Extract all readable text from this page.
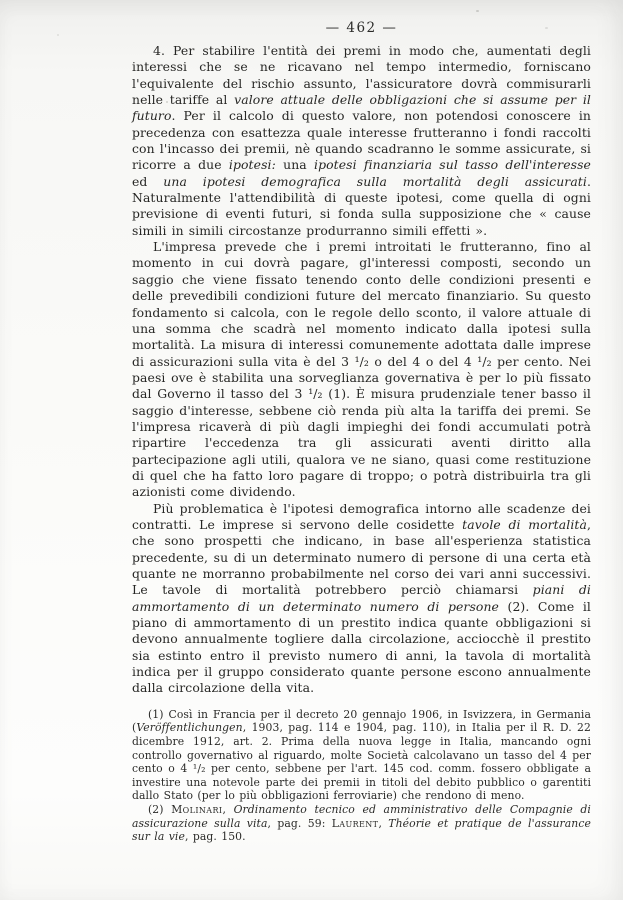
— 462 —

4. Per stabilire l'entità dei premi in modo che, aumentati degli interessi che se ne ricavano nel tempo intermedio, forniscano l'equivalente del rischio assunto, l'assicuratore dovrà commisurarli nelle tariffe al valore attuale delle obbligazioni che si assume per il futuro. Per il calcolo di questo valore, non potendosi conoscere in precedenza con esattezza quale interesse frutteranno i fondi raccolti con l'incasso dei premii, nè quando scadranno le somme assicurate, si ricorre a due ipotesi: una ipotesi finanziaria sul tasso dell'interesse ed una ipotesi demografica sulla mortalità degli assicurati. Naturalmente l'attendibilità di queste ipotesi, come quella di ogni previsione di eventi futuri, si fonda sulla supposizione che « cause simili in simili circostanze produrranno simili effetti ».

L'impresa prevede che i premi introitati le frutteranno, fino al momento in cui dovrà pagare, gl'interessi composti, secondo un saggio che viene fissato tenendo conto delle condizioni presenti e delle prevedibili condizioni future del mercato finanziario. Su questo fondamento si calcola, con le regole dello sconto, il valore attuale di una somma che scadrà nel momento indicato dalla ipotesi sulla mortalità. La misura di interessi comunemente adottata dalle imprese di assicurazioni sulla vita è del 3 ¹/₂ o del 4 o del 4 ¹/₂ per cento. Nei paesi ove è stabilita una sorveglianza governativa è per lo più fissato dal Governo il tasso del 3 ¹/₂ (1). È misura prudenziale tener basso il saggio d'interesse, sebbene ciò renda più alta la tariffa dei premi. Se l'impresa ricaverà di più dagli impieghi dei fondi accumulati potrà ripartire l'eccedenza tra gli assicurati aventi diritto alla partecipazione agli utili, qualora ve ne siano, quasi come restituzione di quel che ha fatto loro pagare di troppo; o potrà distribuirla tra gli azionisti come dividendo.

Più problematica è l'ipotesi demografica intorno alle scadenze dei contratti. Le imprese si servono delle cosidette tavole di mortalità, che sono prospetti che indicano, in base all'esperienza statistica precedente, su di un determinato numero di persone di una certa età quante ne morranno probabilmente nel corso dei vari anni successivi. Le tavole di mortalità potrebbero perciò chiamarsi piani di ammortamento di un determinato numero di persone (2). Come il piano di ammortamento di un prestito indica quante obbligazioni si devono annualmente togliere dalla circolazione, acciocchè il prestito sia estinto entro il previsto numero di anni, la tavola di mortalità indica per il gruppo considerato quante persone escono annualmente dalla circolazione della vita.

(1) Così in Francia per il decreto 20 gennajo 1906, in Isvizzera, in Germania (Veröffentlichungen, 1903, pag. 114 e 1904, pag. 110), in Italia per il R. D. 22 dicembre 1912, art. 2. Prima della nuova legge in Italia, mancando ogni controllo governativo al riguardo, molte Società calcolavano un tasso del 4 per cento o 4 ¹/₂ per cento, sebbene per l'art. 145 cod. comm. fossero obbligate a investire una notevole parte dei premii in titoli del debito pubblico o garentiti dallo Stato (per lo più obbligazioni ferroviarie) che rendono di meno.

(2) Molinari, Ordinamento tecnico ed amministrativo delle Compagnie di assicurazione sulla vita, pag. 59: Laurent, Théorie et pratique de l'assurance sur la vie, pag. 150.
